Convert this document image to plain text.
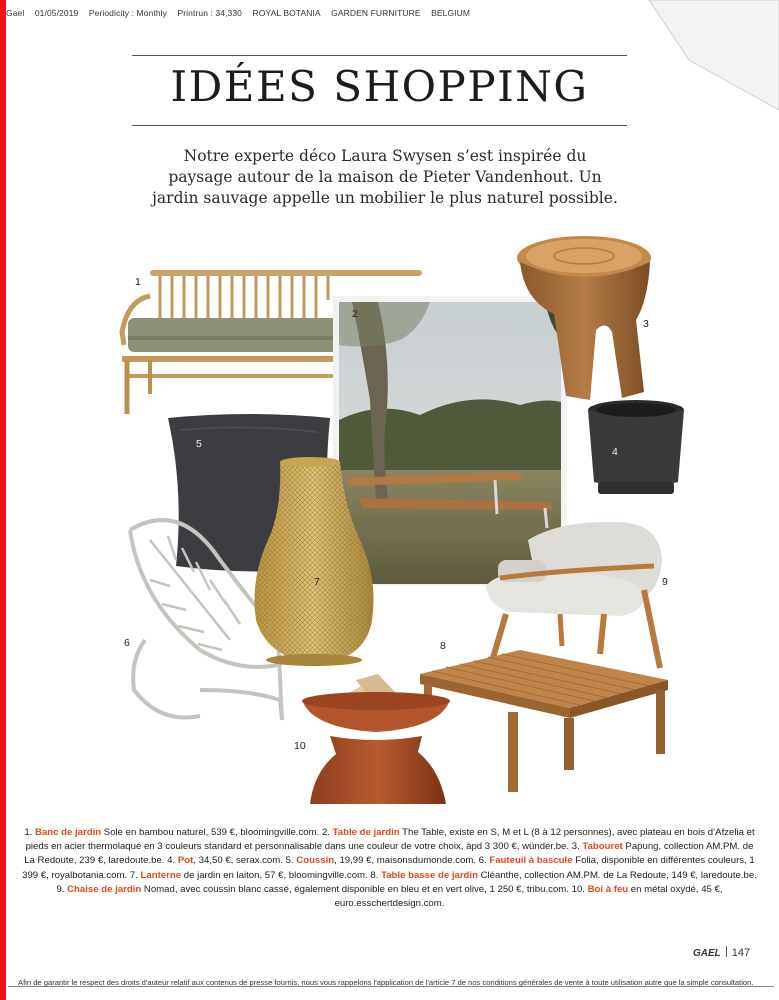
Gael 01/05/2019 Periodicity : Monthly Printrun : 34,330 ROYAL BOTANIA GARDEN FURNITURE BELGIUM
IDÉES SHOPPING

Notre experte déco Laura Swysen s’est inspirée du paysage autour de la maison de Pieter Vandenhout. Un jardin sauvage appelle un mobilier le plus naturel possible.

1
2
3
4
5
6
7
8
9
10

1. Banc de jardin Sole en bambou naturel, 539 €, bloomingville.com. 2. Table de jardin The Table, existe en S, M et L (8 à 12 personnes), avec plateau en bois d’Afzelia et pieds en acier thermolaqué en 3 couleurs standard et personnalisable dans une couleur de votre choix, àpd 3 300 €, wünder.be. 3. Tabouret Papung, collection AM.PM. de La Redoute, 239 €, laredoute.be. 4. Pot, 34,50 €, serax.com. 5. Coussin, 19,99 €, maisonsdumonde.com. 6. Fauteuil à bascule Folia, disponible en différentes couleurs, 1 399 €, royalbotania.com. 7. Lanterne de jardin en laiton, 57 €, bloomingville.com. 8. Table basse de jardin Cléanthe, collection AM.PM. de La Redoute, 149 €, laredoute.be. 9. Chaise de jardin Nomad, avec coussin blanc cassé, également disponible en bleu et en vert olive, 1 250 €, tribu.com. 10. Boi à feu en métal oxydé, 45 €, euro.esschertdesign.com.

GAEL 147
Afin de garantir le respect des droits d'auteur relatif aux contenus de presse fournis, nous vous rappelons l'application de l'article 7 de nos conditions générales de vente à toute utilisation autre que la simple consultation.
